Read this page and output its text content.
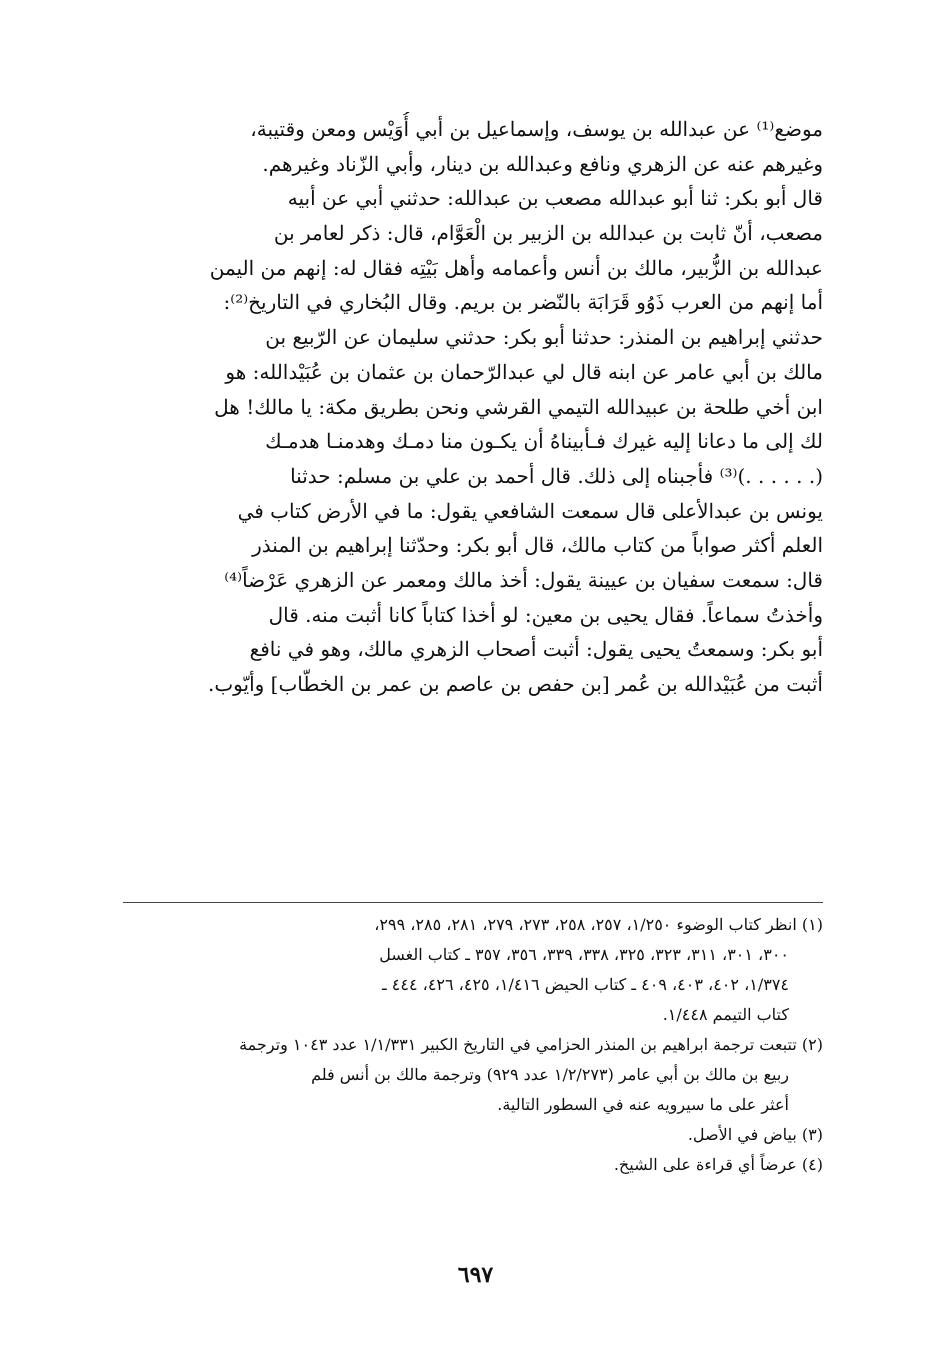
موضع⁽¹⁾ عن عبدالله بن يوسف، وإسماعيل بن أبي أُوَيْس ومعن وقتيبة،
وغيرهم عنه عن الزهري ونافع وعبدالله بن دينار، وأبي الزّناد وغيرهم.
قال أبو بكر: ثنا أبو عبدالله مصعب بن عبدالله: حدثني أبي عن أبيه
مصعب، أنّ ثابت بن عبدالله بن الزبير بن الْعَوَّام، قال: ذكر لعامر بن
عبدالله بن الزُّبير، مالك بن أنس وأعمامه وأهل بَيْتِه فقال له: إنهم من اليمن
أما إنهم من العرب ذَوُو قَرَابَة بالنّضر بن بريم. وقال البُخاري في التاريخ⁽²⁾:
حدثني إبراهيم بن المنذر: حدثنا أبو بكر: حدثني سليمان عن الرّبيع بن
مالك بن أبي عامر عن ابنه قال لي عبدالرّحمان بن عثمان بن عُبَيْدالله: هو
ابن أخي طلحة بن عبيدالله التيمي القرشي ونحن بطريق مكة: يا مالك! هل
لك إلى ما دعانا إليه غيرك فـأبيناهُ أن يكـون منا دمـك وهدمنـا هدمـك
(. . . . . .)⁽³⁾ فأجبناه إلى ذلك. قال أحمد بن علي بن مسلم: حدثنا
يونس بن عبدالأعلى قال سمعت الشافعي يقول: ما في الأرض كتاب في
العلم أكثر صواباً من كتاب مالك، قال أبو بكر: وحدّثنا إبراهيم بن المنذر
قال: سمعت سفيان بن عيينة يقول: أخذ مالك ومعمر عن الزهري عَرْضاً⁽⁴⁾
وأخذتُ سماعاً. فقال يحيى بن معين: لو أخذا كتاباً كانا أثبت منه. قال
أبو بكر: وسمعتُ يحيى يقول: أثبت أصحاب الزهري مالك، وهو في نافع
أثبت من عُبَيْدالله بن عُمر [بن حفص بن عاصم بن عمر بن الخطّاب] وأيّوب.
(١) انظر كتاب الوضوء ١/٢٥٠، ٢٥٧، ٢٥٨، ٢٧٣، ٢٧٩، ٢٨١، ٢٨٥، ٢٩٩،
٣٠٠، ٣٠١، ٣١١، ٣٢٣، ٣٢٥، ٣٣٨، ٣٣٩، ٣٥٦، ٣٥٧ ـ كتاب الغسل
١/٣٧٤، ٤٠٢، ٤٠٣، ٤٠٩ ـ كتاب الحيض ١/٤١٦، ٤٢٥، ٤٢٦، ٤٤٤ ـ
كتاب التيمم ١/٤٤٨.
(٢) تتبعت ترجمة ابراهيم بن المنذر الحزامي في التاريخ الكبير ١/١/٣٣١ عدد ١٠٤٣ وترجمة
ربيع بن مالك بن أبي عامر (١/٢/٢٧٣ عدد ٩٢٩) وترجمة مالك بن أنس فلم
أعثر على ما سيرويه عنه في السطور التالية.
(٣) بياض في الأصل.
(٤) عرضاً أي قراءة على الشيخ.
٦٩٧
